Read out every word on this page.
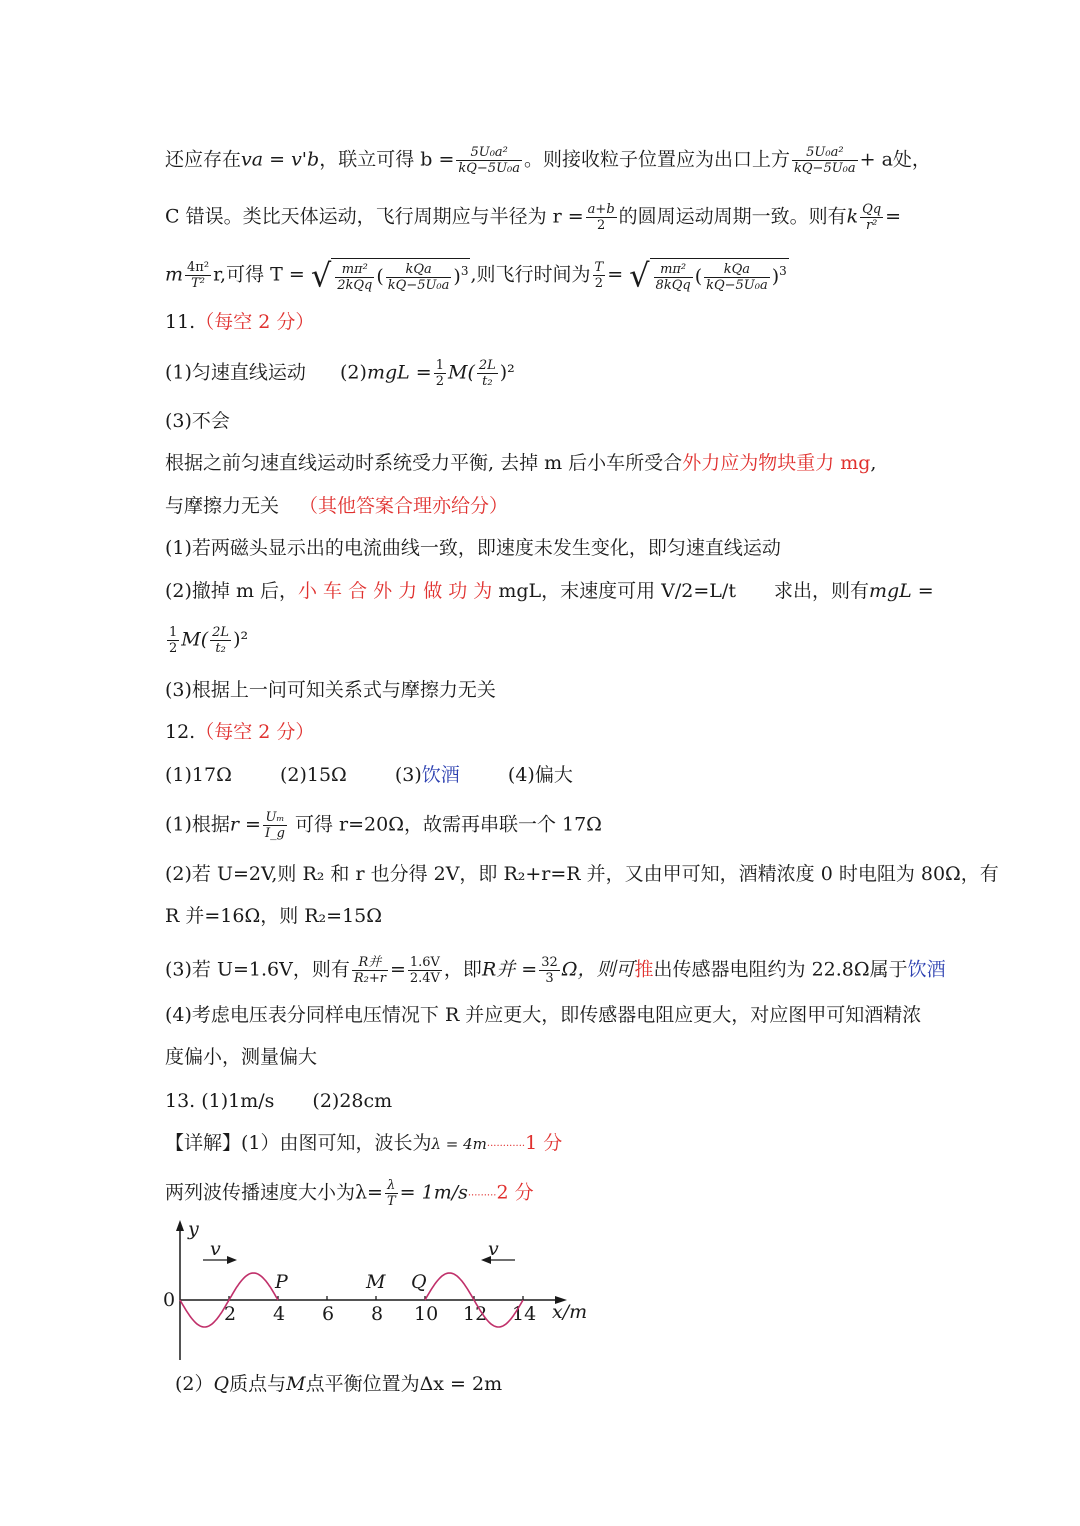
还应存在va = v'b，联立可得 $b = \frac{\text{5U₀a²}}{\text{kQ−5U₀a}}$ 。则接收粒子位置应为出口上方 $\frac{\text{5U₀a²}}{\text{kQ−5U₀a}} + a$处，
C 错误。类比天体运动，飞行周期应与半径为 $r = \frac{a+b}{2}$ 的圆周运动周期一致。则有k $\frac{Qq}{\text{r²}}$ =
m $\frac{\text{4π²}}{\text{T²}} r$,可得 T = √ $\frac{\text{mπ²}}{\text{2kQq}}$ ( $\frac{\text{kQa}}{\text{kQ−5U₀a}} )^3$ ,则飞行时间为 $\frac{T}{2}$ = √ $\frac{\text{mπ²}}{\text{8kQq}}$ ( $\frac{\text{kQa}}{\text{kQ−5U₀a}} )^3$
11.（每空 2 分）
(1)匀速直线运动 $(2)mgL = \frac{1}{2} M( \frac{2L}{\text{t₂}} )^2$
(3)不会
根据之前匀速直线运动时系统受力平衡, 去掉 m 后小车所受合外力应为物块重力 mg,
与摩擦力无关 （其他答案合理亦给分）
(1)若两磁头显示出的电流曲线一致，即速度未发生变化，即匀速直线运动
(2)撤掉 m 后，小 车 合 外 力 做 功 为 mgL，末速度可用 V/2=L/t　　求出，则有mgL =
$\frac{1}{2} M( \frac{2L}{\text{t₂}} )^2$
(3)根据上一问可知关系式与摩擦力无关
12.（每空 2 分）
(1)17Ω	(2)15Ω	(3)饮酒	(4)偏大
(1)根据$r = \frac{\text{Uₘ}}{I\_g}$ 可得 r=20Ω，故需再串联一个 17Ω
(2)若 U=2V,则 R₂ 和 r 也分得 2V，即 R₂+r=R 并，又由甲可知，酒精浓度 0 时电阻为 80Ω，有
R 并=16Ω，则 R₂=15Ω
(3)若 U=1.6V，则有 $\frac{\text{R并}}{\text{R₂+r}} = \frac{1.6V}{2.4V}$ ，即R并 = $\frac{32}{3}$ Ω，则可推出传感器电阻约为 22.8Ω属于饮酒
(4)考虑电压表分同样电压情况下 R 并应更大，即传感器电阻应更大，对应图甲可知酒精浓
度偏小，测量偏大
13. (1)1m/s　　(2)28cm
【详解】(1）由图可知，波长为λ = 4m············1 分
两列波传播速度大小为$\lambda= \frac{\lambda}{T} = 1m/s\cdot\cdot\cdot\cdot\cdot\cdot\cdot\cdot\cdot 2$ 分
y
0
x/m
2 4 6 8 10 12 14
v	v
P	M Q
(2）Q质点与M点平衡位置为Δx = 2m
